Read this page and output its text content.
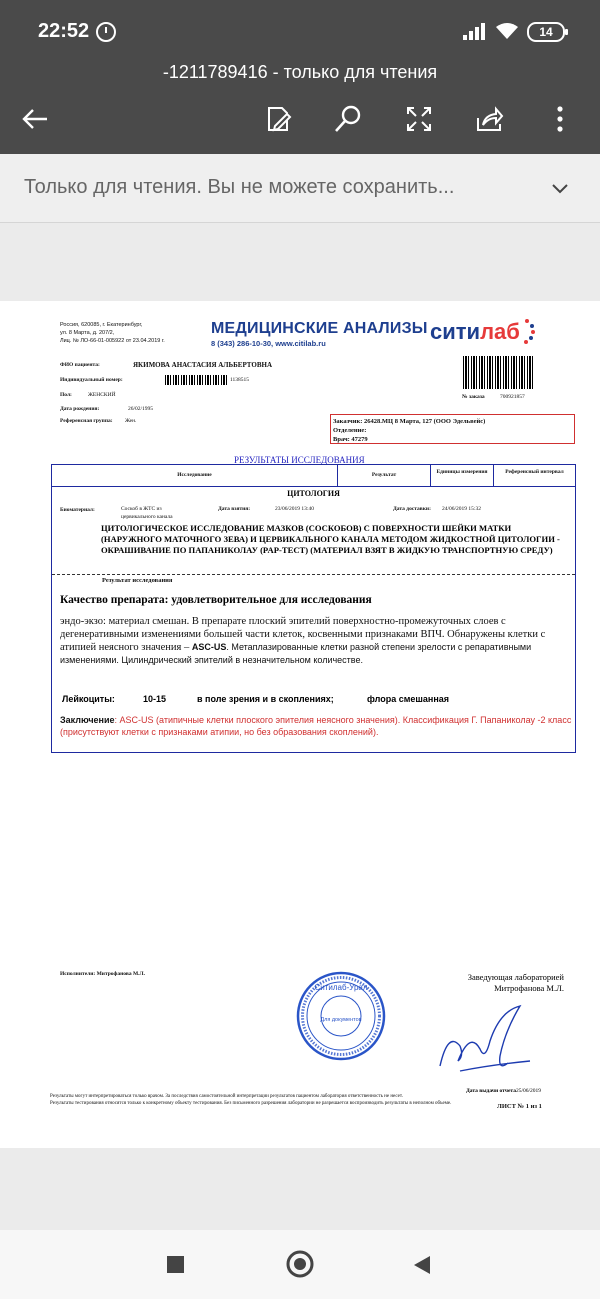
22:52	14
-1211789416 - только для чтения
Только для чтения. Вы не можете сохранить...
Россия, 620085, г. Екатеринбург,
ул. 8 Марта, д. 207/2,
Лиц. № ЛО-66-01-005922 от 23.04.2019 г.
МЕДИЦИНСКИЕ АНАЛИЗЫ
8 (343) 286-10-30, www.citilab.ru	ситилаб
ФИО пациента:	ЯКИМОВА АНАСТАСИЯ АЛЬБЕРТОВНА
Индивидуальный номер:	1138515
Пол:	ЖЕНСКИЙ
Дата рождения:	26/02/1995
Референсная группа: Жен.
№ заказа	700921857
Заказчик: 26428.МЦ 8 Марта, 127 (ООО Эдельвейс)
Отделение:
Врач: 47279
РЕЗУЛЬТАТЫ ИССЛЕДОВАНИЯ
Исследование	Результат	Единицы измерения	Референсный интервал
ЦИТОЛОГИЯ
Биоматериал:	Соскоб в ЖТС из цервикального канала
Дата взятия:	23/06/2019 13:40	Дата доставки: 24/06/2019 15:32
ЦИТОЛОГИЧЕСКОЕ ИССЛЕДОВАНИЕ МАЗКОВ (СОСКОБОВ) С ПОВЕРХНОСТИ ШЕЙКИ МАТКИ (НАРУЖНОГО МАТОЧНОГО ЗЕВА) И ЦЕРВИКАЛЬНОГО КАНАЛА МЕТОДОМ ЖИДКОСТНОЙ ЦИТОЛОГИИ - ОКРАШИВАНИЕ ПО ПАПАНИКОЛАУ (PAP-ТЕСТ) (МАТЕРИАЛ ВЗЯТ В ЖИДКУЮ ТРАНСПОРТНУЮ СРЕДУ)
Результат исследования
Качество препарата: удовлетворительное для исследования
эндо-экзо: материал смешан. В препарате плоский эпителий поверхностно-промежуточных слоев с дегенеративными изменениями большей части клеток, косвенными признаками ВПЧ. Обнаружены клетки с атипией неясного значения – ASC-US. Метаплазированные клетки разной степени зрелости с репаративными изменениями. Цилиндрический эпителий в незначительном количестве.
Лейкоциты:	10-15	в поле зрения и в скоплениях;	флора смешанная
Заключение: ASC-US (атипичные клетки плоского эпителия неясного значения). Классификация Г. Папаниколау -2 класс (присутствуют клетки с признаками атипии, но без образования скоплений).
Исполнители: Митрофанова М.Л.	Заведующая лабораторией
Митрофанова М.Л.
Ситилаб-Урал
Для документов
Дата выдачи отчета25/06/2019
ЛИСТ № 1 из 1
Результаты могут интерпретироваться только врачом. За последствия самостоятельной интерпретации результатов пациентом лаборатория ответственность не несет.
Результаты тестирования относятся только к конкретному объекту тестирования. Без письменного разрешения лаборатории не разрешается воспроизводить результаты в неполном объеме.
